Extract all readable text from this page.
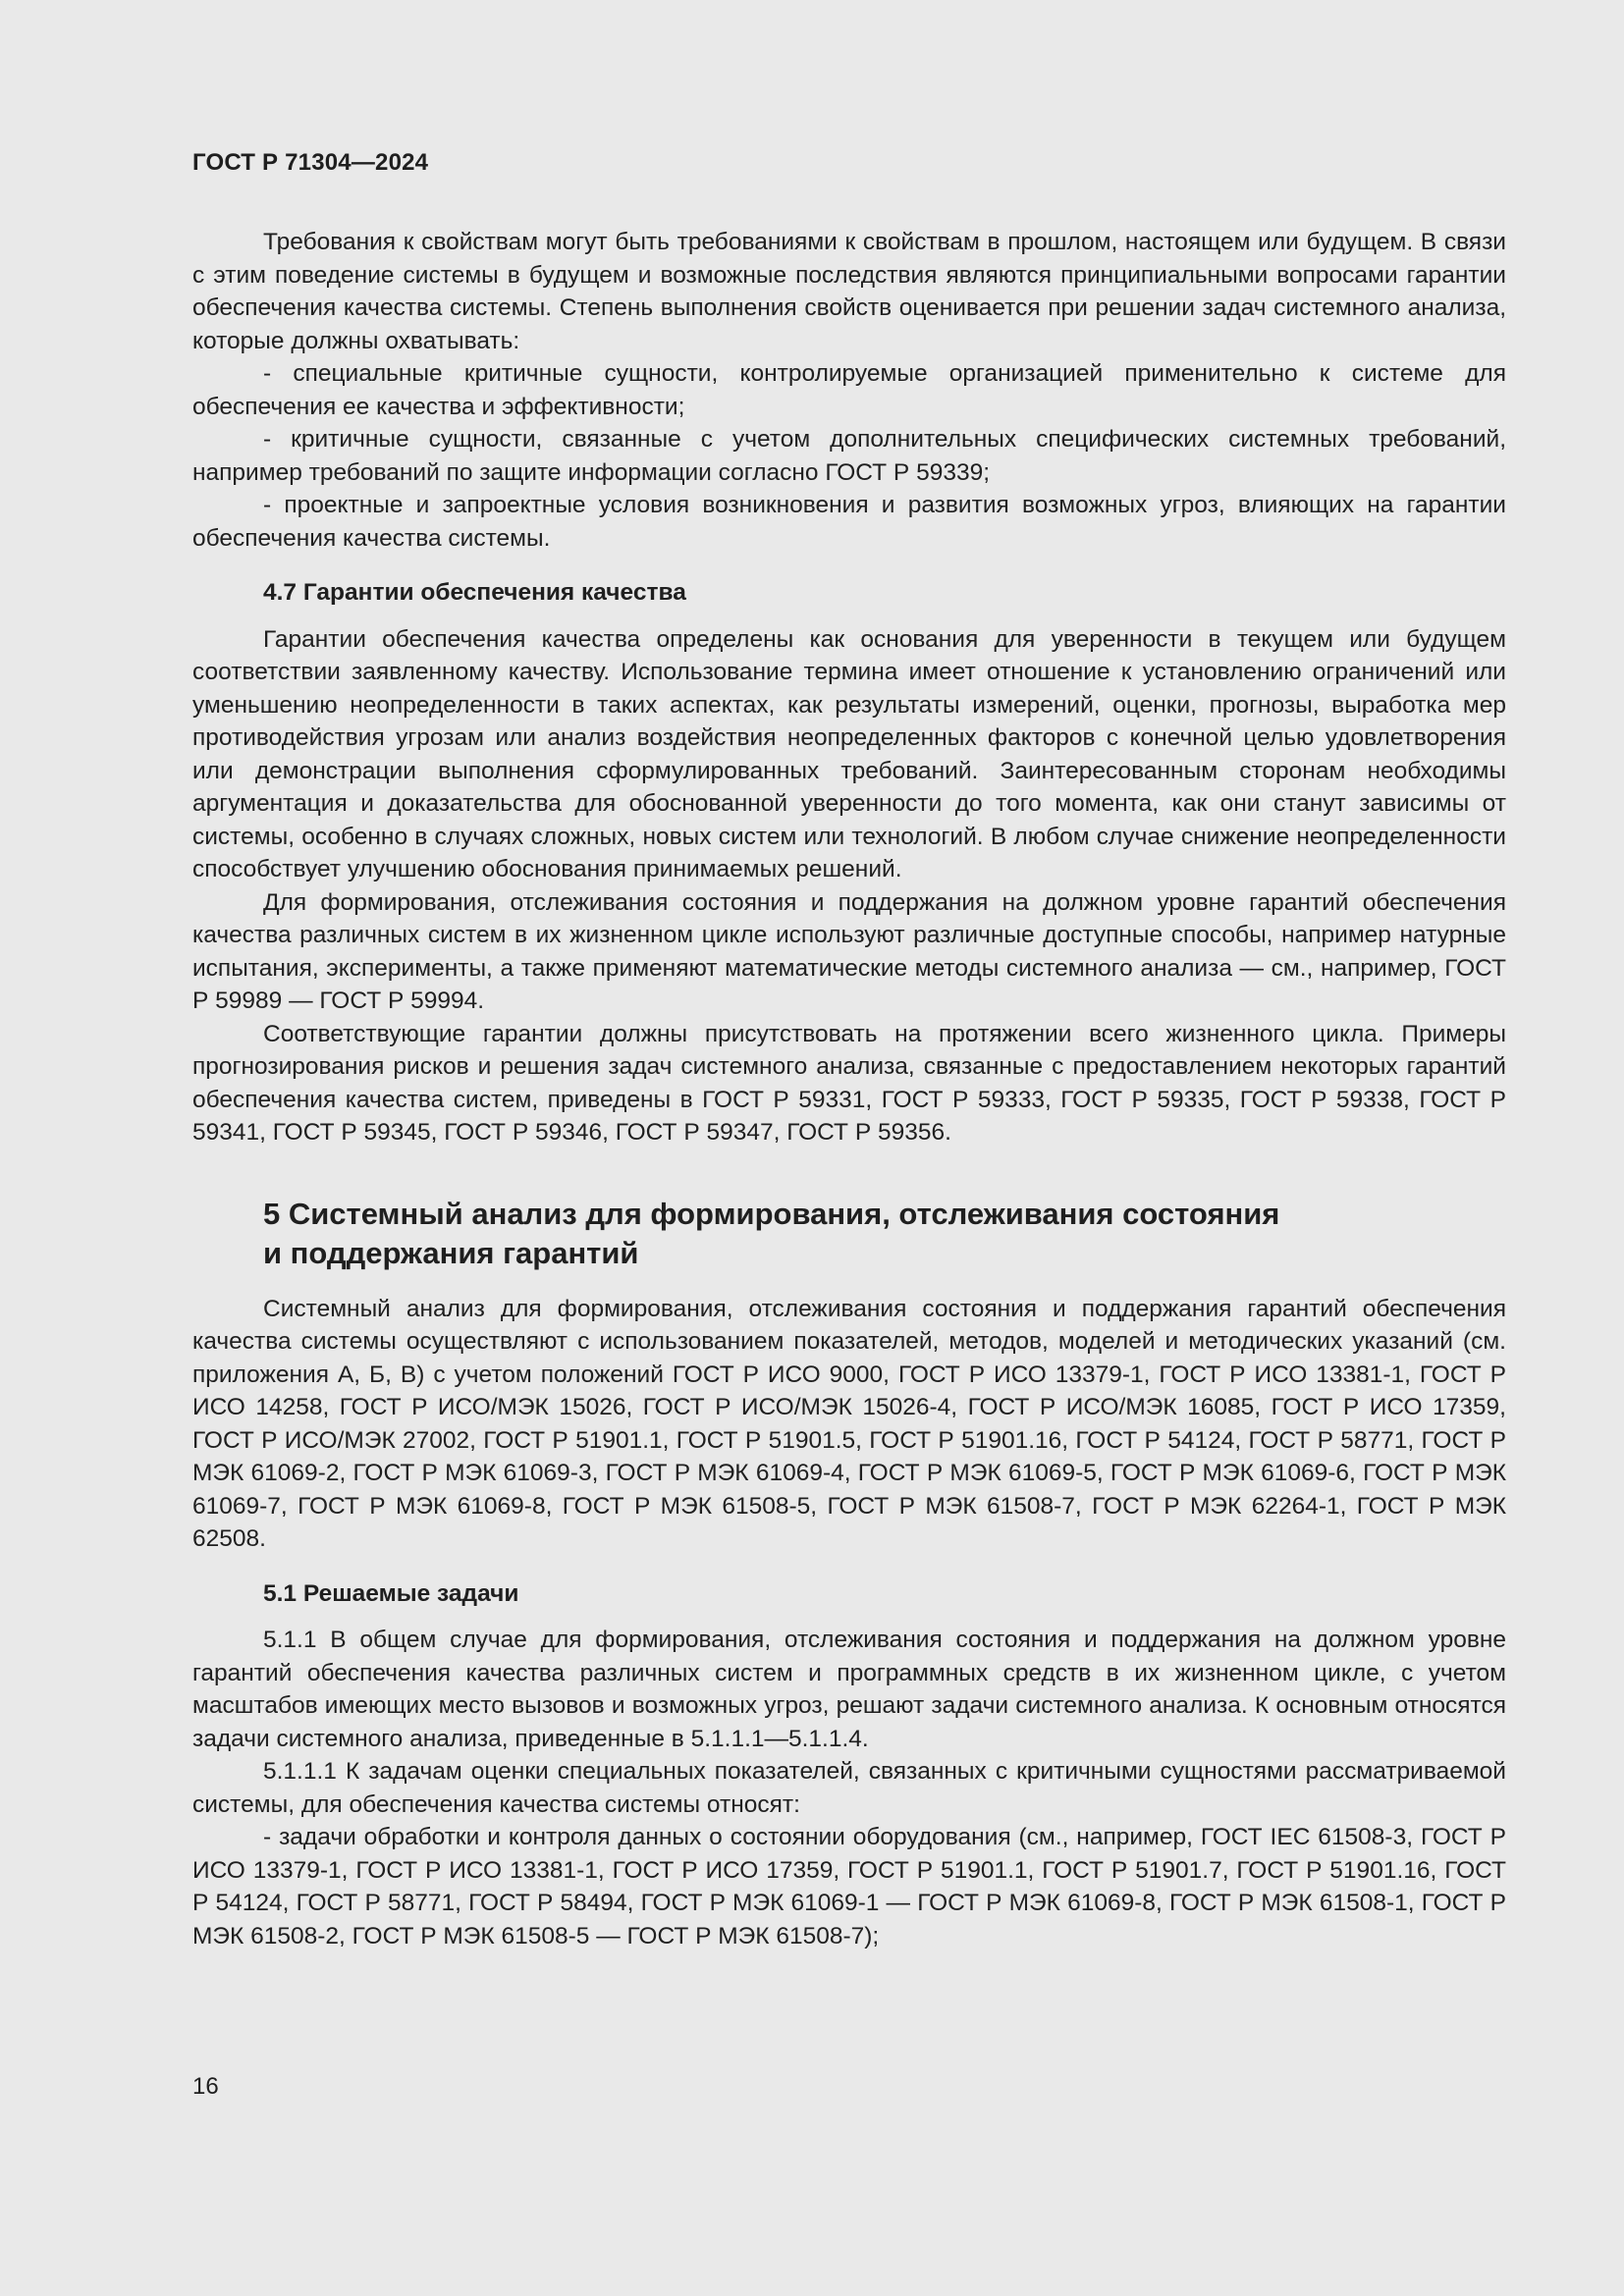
ГОСТ Р 71304—2024

Требования к свойствам могут быть требованиями к свойствам в прошлом, настоящем или будущем. В связи с этим поведение системы в будущем и возможные последствия являются принципиальными вопросами гарантии обеспечения качества системы. Степень выполнения свойств оценивается при решении задач системного анализа, которые должны охватывать:

- специальные критичные сущности, контролируемые организацией применительно к системе для обеспечения ее качества и эффективности;

- критичные сущности, связанные с учетом дополнительных специфических системных требований, например требований по защите информации согласно ГОСТ Р 59339;

- проектные и запроектные условия возникновения и развития возможных угроз, влияющих на гарантии обеспечения качества системы.

4.7 Гарантии обеспечения качества

Гарантии обеспечения качества определены как основания для уверенности в текущем или будущем соответствии заявленному качеству. Использование термина имеет отношение к установлению ограничений или уменьшению неопределенности в таких аспектах, как результаты измерений, оценки, прогнозы, выработка мер противодействия угрозам или анализ воздействия неопределенных факторов с конечной целью удовлетворения или демонстрации выполнения сформулированных требований. Заинтересованным сторонам необходимы аргументация и доказательства для обоснованной уверенности до того момента, как они станут зависимы от системы, особенно в случаях сложных, новых систем или технологий. В любом случае снижение неопределенности способствует улучшению обоснования принимаемых решений.

Для формирования, отслеживания состояния и поддержания на должном уровне гарантий обеспечения качества различных систем в их жизненном цикле используют различные доступные способы, например натурные испытания, эксперименты, а также применяют математические методы системного анализа — см., например, ГОСТ Р 59989 — ГОСТ Р 59994.

Соответствующие гарантии должны присутствовать на протяжении всего жизненного цикла. Примеры прогнозирования рисков и решения задач системного анализа, связанные с предоставлением некоторых гарантий обеспечения качества систем, приведены в ГОСТ Р 59331, ГОСТ Р 59333, ГОСТ Р 59335, ГОСТ Р 59338, ГОСТ Р 59341, ГОСТ Р 59345, ГОСТ Р 59346, ГОСТ Р 59347, ГОСТ Р 59356.

5 Системный анализ для формирования, отслеживания состояния
и поддержания гарантий

Системный анализ для формирования, отслеживания состояния и поддержания гарантий обеспечения качества системы осуществляют с использованием показателей, методов, моделей и методических указаний (см. приложения А, Б, В) с учетом положений ГОСТ Р ИСО 9000, ГОСТ Р ИСО 13379-1, ГОСТ Р ИСО 13381-1, ГОСТ Р ИСО 14258, ГОСТ Р ИСО/МЭК 15026, ГОСТ Р ИСО/МЭК 15026-4, ГОСТ Р ИСО/МЭК 16085, ГОСТ Р ИСО 17359, ГОСТ Р ИСО/МЭК 27002, ГОСТ Р 51901.1, ГОСТ Р 51901.5, ГОСТ Р 51901.16, ГОСТ Р 54124, ГОСТ Р 58771, ГОСТ Р МЭК 61069-2, ГОСТ Р МЭК 61069-3, ГОСТ Р МЭК 61069-4, ГОСТ Р МЭК 61069-5, ГОСТ Р МЭК 61069-6, ГОСТ Р МЭК 61069-7, ГОСТ Р МЭК 61069-8, ГОСТ Р МЭК 61508-5, ГОСТ Р МЭК 61508-7, ГОСТ Р МЭК 62264-1, ГОСТ Р МЭК 62508.

5.1 Решаемые задачи

5.1.1 В общем случае для формирования, отслеживания состояния и поддержания на должном уровне гарантий обеспечения качества различных систем и программных средств в их жизненном цикле, с учетом масштабов имеющих место вызовов и возможных угроз, решают задачи системного анализа. К основным относятся задачи системного анализа, приведенные в 5.1.1.1—5.1.1.4.

5.1.1.1 К задачам оценки специальных показателей, связанных с критичными сущностями рассматриваемой системы, для обеспечения качества системы относят:

- задачи обработки и контроля данных о состоянии оборудования (см., например, ГОСТ IEC 61508-3, ГОСТ Р ИСО 13379-1, ГОСТ Р ИСО 13381-1, ГОСТ Р ИСО 17359, ГОСТ Р 51901.1, ГОСТ Р 51901.7, ГОСТ Р 51901.16, ГОСТ Р 54124, ГОСТ Р 58771, ГОСТ Р 58494, ГОСТ Р МЭК 61069-1 — ГОСТ Р МЭК 61069-8, ГОСТ Р МЭК 61508-1, ГОСТ Р МЭК 61508-2, ГОСТ Р МЭК 61508-5 — ГОСТ Р МЭК 61508-7);

16
